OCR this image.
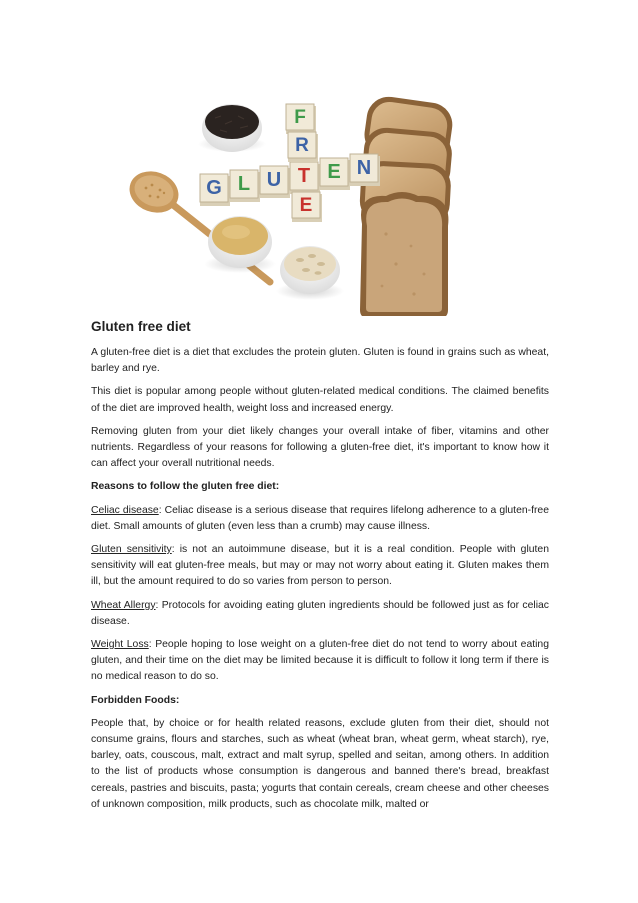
G L U T E N
F
R
E
Gluten free diet

A gluten-free diet is a diet that excludes the protein gluten. Gluten is found in grains such as wheat, barley and rye.

This diet is popular among people without gluten-related medical conditions. The claimed benefits of the diet are improved health, weight loss and increased energy.

Removing gluten from your diet likely changes your overall intake of fiber, vitamins and other nutrients. Regardless of your reasons for following a gluten-free diet, it's important to know how it can affect your overall nutritional needs.

Reasons to follow the gluten free diet:

Celiac disease: Celiac disease is a serious disease that requires lifelong adherence to a gluten-free diet. Small amounts of gluten (even less than a crumb) may cause illness.

Gluten sensitivity: is not an autoimmune disease, but it is a real condition. People with gluten sensitivity will eat gluten-free meals, but may or may not worry about eating it. Gluten makes them ill, but the amount required to do so varies from person to person.

Wheat Allergy: Protocols for avoiding eating gluten ingredients should be followed just as for celiac disease.

Weight Loss: People hoping to lose weight on a gluten-free diet do not tend to worry about eating gluten, and their time on the diet may be limited because it is difficult to follow it long term if there is no medical reason to do so.

Forbidden Foods:

People that, by choice or for health related reasons, exclude gluten from their diet, should not consume grains, flours and starches, such as wheat (wheat bran, wheat germ, wheat starch), rye, barley, oats, couscous, malt, extract and malt syrup, spelled and seitan, among others. In addition to the list of products whose consumption is dangerous and banned there's bread, breakfast cereals, pastries and biscuits, pasta; yogurts that contain cereals, cream cheese and other cheeses of unknown composition, milk products, such as chocolate milk, malted or
